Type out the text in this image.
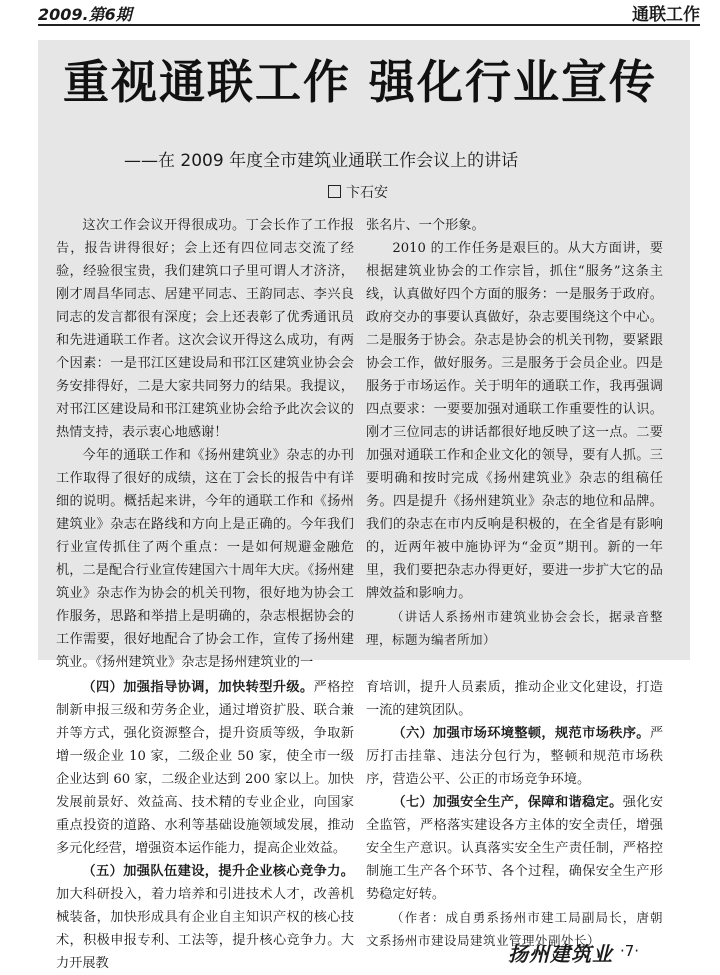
2009.第6期	通联工作
重视通联工作 强化行业宣传
——在 2009 年度全市建筑业通联工作会议上的讲话
卞石安

这次工作会议开得很成功。丁会长作了工作报告，报告讲得很好；会上还有四位同志交流了经验，经验很宝贵，我们建筑口子里可谓人才济济，刚才周昌华同志、居建平同志、王韵同志、李兴良同志的发言都很有深度；会上还表彰了优秀通讯员和先进通联工作者。这次会议开得这么成功，有两个因素：一是邗江区建设局和邗江区建筑业协会会务安排得好，二是大家共同努力的结果。我提议，对邗江区建设局和邗江建筑业协会给予此次会议的热情支持，表示衷心地感谢！

今年的通联工作和《扬州建筑业》杂志的办刊工作取得了很好的成绩，这在丁会长的报告中有详细的说明。概括起来讲，今年的通联工作和《扬州建筑业》杂志在路线和方向上是正确的。今年我们行业宣传抓住了两个重点：一是如何规避金融危机，二是配合行业宣传建国六十周年大庆。《扬州建筑业》杂志作为协会的机关刊物，很好地为协会工作服务，思路和举措上是明确的，杂志根据协会的工作需要，很好地配合了协会工作，宣传了扬州建筑业。《扬州建筑业》杂志是扬州建筑业的一

张名片、一个形象。

2010 的工作任务是艰巨的。从大方面讲，要根据建筑业协会的工作宗旨，抓住“服务”这条主线，认真做好四个方面的服务：一是服务于政府。政府交办的事要认真做好，杂志要围绕这个中心。二是服务于协会。杂志是协会的机关刊物，要紧跟协会工作，做好服务。三是服务于会员企业。四是服务于市场运作。关于明年的通联工作，我再强调四点要求：一要要加强对通联工作重要性的认识。刚才三位同志的讲话都很好地反映了这一点。二要加强对通联工作和企业文化的领导，要有人抓。三要明确和按时完成《扬州建筑业》杂志的组稿任务。四是提升《扬州建筑业》杂志的地位和品牌。我们的杂志在市内反响是积极的，在全省是有影响的，近两年被中施协评为“金页”期刊。新的一年里，我们要把杂志办得更好，要进一步扩大它的品牌效益和影响力。

（讲话人系扬州市建筑业协会会长，据录音整理，标题为编者所加）

（四）加强指导协调，加快转型升级。严格控制新申报三级和劳务企业，通过增资扩股、联合兼并等方式，强化资源整合，提升资质等级，争取新增一级企业 10 家，二级企业 50 家，使全市一级企业达到 60 家，二级企业达到 200 家以上。加快发展前景好、效益高、技术精的专业企业，向国家重点投资的道路、水利等基础设施领域发展，推动多元化经营，增强资本运作能力，提高企业效益。

（五）加强队伍建设，提升企业核心竞争力。加大科研投入，着力培养和引进技术人才，改善机械装备，加快形成具有企业自主知识产权的核心技术，积极申报专利、工法等，提升核心竞争力。大力开展教

育培训，提升人员素质，推动企业文化建设，打造一流的建筑团队。

（六）加强市场环境整顿，规范市场秩序。严厉打击挂靠、违法分包行为，整顿和规范市场秩序，营造公平、公正的市场竞争环境。

（七）加强安全生产，保障和谐稳定。强化安全监管，严格落实建设各方主体的安全责任，增强安全生产意识。认真落实安全生产责任制，严格控制施工生产各个环节、各个过程，确保安全生产形势稳定好转。

（作者：成自勇系扬州市建工局副局长，唐朝文系扬州市建设局建筑业管理处副处长）

扬州建筑业 ·7·
